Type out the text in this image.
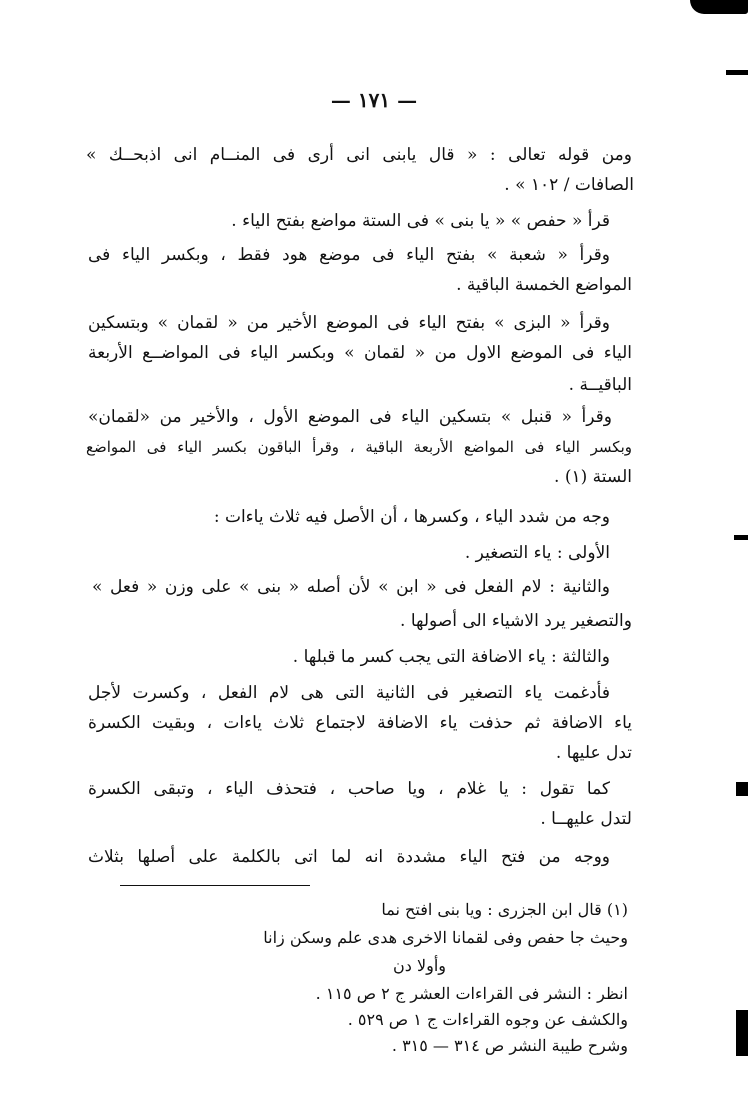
— ١٧١ —
ومن قوله تعالى : « قال يابنى انى أرى فى المنــام انى اذبحــك »
الصافات / ١٠٢ » .
قرأ « حفص » « يا بنى » فى الستة مواضع بفتح الياء .
وقرأ « شعبة » بفتح الياء فى موضع هود فقط ، وبكسر الياء فى
المواضع الخمسة الباقية .
وقرأ « البزى » بفتح الياء فى الموضع الأخير من « لقمان » وبتسكين
الياء فى الموضع الاول من « لقمان » وبكسر الياء فى المواضــع الأربعة
الباقيــة .
وقرأ « قنبل » بتسكين الياء فى الموضع الأول ، والأخير من «لقمان»
وبكسر الياء فى المواضع الأربعة الباقية ، وقرأ الباقون بكسر الياء فى المواضع
الستة (١) .
وجه من شدد الياء ، وكسرها ، أن الأصل فيه ثلاث ياءات :
الأولى : ياء التصغير .
والثانية : لام الفعل فى « ابن » لأن أصله « بنى » على وزن « فعل »
والتصغير يرد الاشياء الى أصولها .
والثالثة : ياء الاضافة التى يجب كسر ما قبلها .
فأدغمت ياء التصغير فى الثانية التى هى لام الفعل ، وكسرت لأجل
ياء الاضافة ثم حذفت ياء الاضافة لاجتماع ثلاث ياءات ، وبقيت الكسرة
تدل عليها .
كما تقول : يا غلام ، ويا صاحب ، فتحذف الياء ، وتبقى الكسرة
لتدل عليهــا .
ووجه من فتح الياء مشددة انه لما اتى بالكلمة على أصلها بثلاث
(١) قال ابن الجزرى : ويا بنى افتح نما
وحيث جا حفص وفى لقمانا الاخرى هدى علم وسكن زانا
وأولا دن
انظر : النشر فى القراءات العشر ج ٢ ص ١١٥ .
والكشف عن وجوه القراءات ج ١ ص ٥٢٩ .
وشرح طيبة النشر ص ٣١٤ — ٣١٥ .
